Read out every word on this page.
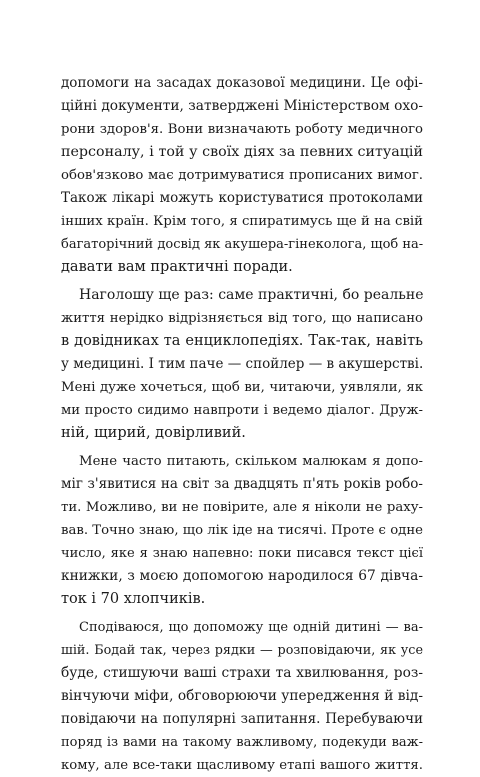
допомоги на засадах доказової медицини. Це офі-
ційні документи, затверджені Міністерством охо-
рони здоров'я. Вони визначають роботу медичного
персоналу, і той у своїх діях за певних ситуацій
обов'язково має дотримуватися прописаних вимог.
Також лікарі можуть користуватися протоколами
інших країн. Крім того, я спиратимусь ще й на свій
багаторічний досвід як акушера-гінеколога, щоб на-
давати вам практичні поради.
Наголошу ще раз: саме практичні, бо реальне
життя нерідко відрізняється від того, що написано
в довідниках та енциклопедіях. Так-так, навіть
у медицині. І тим паче — спойлер — в акушерстві.
Мені дуже хочеться, щоб ви, читаючи, уявляли, як
ми просто сидимо навпроти і ведемо діалог. Друж-
ній, щирий, довірливий.
Мене часто питають, скільком малюкам я допо-
міг з'явитися на світ за двадцять п'ять років робо-
ти. Можливо, ви не повірите, але я ніколи не раху-
вав. Точно знаю, що лік іде на тисячі. Проте є одне
число, яке я знаю напевно: поки писався текст цієї
книжки, з моєю допомогою народилося 67 дівча-
ток і 70 хлопчиків.
Сподіваюся, що допоможу ще одній дитині — ва-
шій. Бодай так, через рядки — розповідаючи, як усе
буде, стишуючи ваші страхи та хвилювання, роз-
вінчуючи міфи, обговорюючи упередження й від-
повідаючи на популярні запитання. Перебуваючи
поряд із вами на такому важливому, подекуди важ-
кому, але все-таки щасливому етапі вашого життя.
